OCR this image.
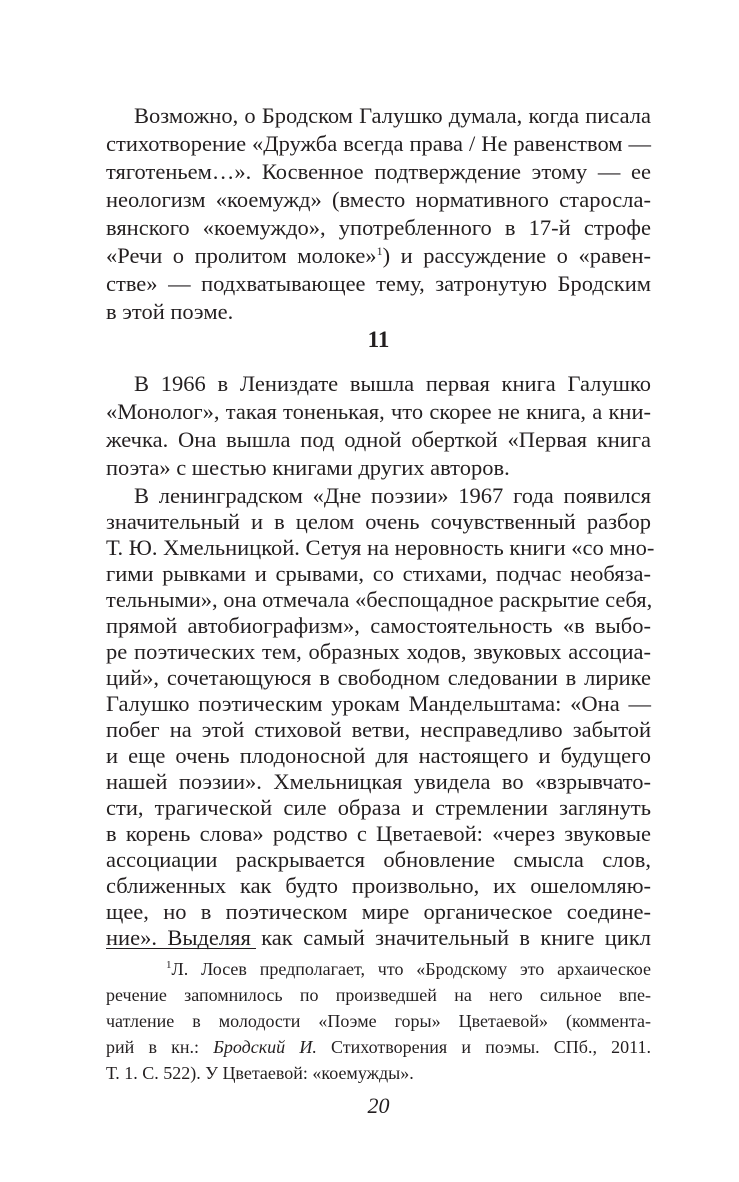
Возможно, о Бродском Галушко думала, когда писала
стихотворение «Дружба всегда права / Не равенством —
тяготеньем…». Косвенное подтверждение этому — ее
неологизм «коемужд» (вместо нормативного старосла-
вянского «коемуждо», употребленного в 17-й строфе
«Речи о пролитом молоке»$^1$) и рассуждение о «равен-
стве» — подхватывающее тему, затронутую Бродским
в этой поэме.
11
В 1966 в Лениздате вышла первая книга Галушко
«Монолог», такая тоненькая, что скорее не книга, а кни-
жечка. Она вышла под одной оберткой «Первая книга
поэта» с шестью книгами других авторов.
В ленинградском «Дне поэзии» 1967 года появился
значительный и в целом очень сочувственный разбор
Т. Ю. Хмельницкой. Сетуя на неровность книги «со мно-
гими рывками и срывами, со стихами, подчас необяза-
тельными», она отмечала «беспощадное раскрытие себя,
прямой автобиографизм», самостоятельность «в выбо-
ре поэтических тем, образных ходов, звуковых ассоциа-
ций», сочетающуюся в свободном следовании в лирике
Галушко поэтическим урокам Мандельштама: «Она —
побег на этой стиховой ветви, несправедливо забытой
и еще очень плодоносной для настоящего и будущего
нашей поэзии». Хмельницкая увидела во «взрывчато-
сти, трагической силе образа и стремлении заглянуть
в корень слова» родство с Цветаевой: «через звуковые
ассоциации раскрывается обновление смысла слов,
сближенных как будто произвольно, их ошеломляю-
щее, но в поэтическом мире органическое соедине-
ние». Выделяя как самый значительный в книге цикл
$^1$Л. Лосев предполагает, что «Бродскому это архаическое
речение запомнилось по произведшей на него сильное впе-
чатление в молодости «Поэме горы» Цветаевой» (коммента-
рий в кн.: Бродский И. Стихотворения и поэмы. СПб., 2011.
Т. 1. С. 522). У Цветаевой: «коемужды».
20
